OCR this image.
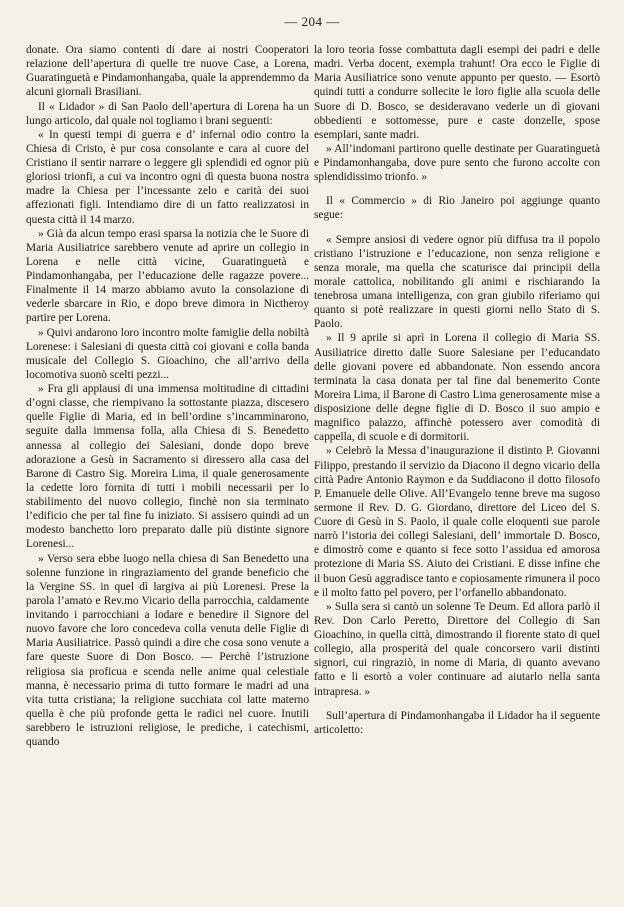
— 204 —

donate. Ora siamo contenti di dare ai nostri Cooperatori relazione dell’apertura di quelle tre nuove Case, a Lorena, Guaratinguetà e Pindamonhangaba, quale la apprendemmo da alcuni giornali Brasiliani.

Il « Lidador » di San Paolo dell’apertura di Lorena ha un lungo articolo, dal quale noi togliamo i brani seguenti:

« In questi tempi di guerra e d’ infernal odio contro la Chiesa di Cristo, è pur cosa consolante e cara al cuore del Cristiano il sentir narrare o leggere gli splendidi ed ognor più gloriosi trionfi, a cui va incontro ogni dì questa buona nostra madre la Chiesa per l’incessante zelo e carità dei suoi affezionati figli. Intendiamo dire di un fatto realizzatosi in questa città il 14 marzo.

» Già da alcun tempo erasi sparsa la notizia che le Suore di Maria Ausiliatrice sarebbero venute ad aprire un collegio in Lorena e nelle città vicine, Guaratinguetà e Pindamonhangaba, per l’educazione delle ragazze povere... Finalmente il 14 marzo abbiamo avuto la consolazione di vederle sbarcare in Rio, e dopo breve dimora in Nictheroy partire per Lorena.

» Quivi andarono loro incontro molte famiglie della nobiltà Lorenese: i Salesiani di questa città coi giovani e colla banda musicale del Collegio S. Gioachino, che all’arrivo della locomotiva suonò scelti pezzi...

» Fra gli applausi di una immensa moltitudine di cittadini d’ogni classe, che riempivano la sottostante piazza, discesero quelle Figlie di Maria, ed in bell’ordine s’incamminarono, seguite dalla immensa folla, alla Chiesa di S. Benedetto annessa al collegio dei Salesiani, donde dopo breve adorazione a Gesù in Sacramento si diressero alla casa del Barone di Castro Sig. Moreira Lima, il quale generosamente la cedette loro fornita di tutti i mobili necessarii per lo stabilimento del nuovo collegio, finchè non sia terminato l’edificio che per tal fine fu iniziato. Si assisero quindi ad un modesto banchetto loro preparato dalle più distinte signore Lorenesi...

» Verso sera ebbe luogo nella chiesa di San Benedetto una solenne funzione in ringraziamento del grande beneficio che la Vergine SS. in quel dì largiva ai più Lorenesi. Prese la parola l’amato e Rev.mo Vicario della parrocchia, caldamente invitando i parrocchiani a lodare e benedire il Signore del nuovo favore che loro concedeva colla venuta delle Figlie di Maria Ausiliatrice. Passò quindi a dire che cosa sono venute a fare queste Suore di Don Bosco. — Perchè l’istruzione religiosa sia proficua e scenda nelle anime qual celestiale manna, è necessario prima di tutto formare le madri ad una vita tutta cristiana; la religione succhiata col latte materno quella è che più profonde getta le radici nel cuore. Inutili sarebbero le istruzioni religiose, le prediche, i catechismi, quando

la loro teoria fosse combattuta dagli esempi dei padri e delle madri. Verba docent, exempla trahunt! Ora ecco le Figlie di Maria Ausiliatrice sono venute appunto per questo. — Esortò quindi tutti a condurre sollecite le loro figlie alla scuola delle Suore di D. Bosco, se desideravano vederle un dì giovani obbedienti e sottomesse, pure e caste donzelle, spose esemplari, sante madri.

» All’indomani partirono quelle destinate per Guaratinguetà e Pindamonhangaba, dove pure sento che furono accolte con splendidissimo trionfo. »

Il « Commercio » di Rio Janeiro poi aggiunge quanto segue:

« Sempre ansiosi di vedere ognor più diffusa tra il popolo cristiano l’istruzione e l’educazione, non senza religione e senza morale, ma quella che scaturisce dai principii della morale cattolica, nobilitando gli animi e rischiarando la tenebrosa umana intelligenza, con gran giubilo riferiamo qui quanto si potè realizzare in questi giorni nello Stato di S. Paolo.

» Il 9 aprile si aprì in Lorena il collegio di Maria SS. Ausiliatrice diretto dalle Suore Salesiane per l’educandato delle giovani povere ed abbandonate. Non essendo ancora terminata la casa donata per tal fine dal benemerito Conte Moreira Lima, il Barone di Castro Lima generosamente mise a disposizione delle degne figlie di D. Bosco il suo ampio e magnifico palazzo, affinchè potessero aver comodità di cappella, di scuole e di dormitorii.

» Celebrò la Messa d’inaugurazione il distinto P. Giovanni Filippo, prestando il servizio da Diacono il degno vicario della città Padre Antonio Raymon e da Suddiacono il dotto filosofo P. Emanuele delle Olive. All’Evangelo tenne breve ma sugoso sermone il Rev. D. G. Giordano, direttore del Liceo del S. Cuore di Gesù in S. Paolo, il quale colle eloquenti sue parole narrò l’istoria dei collegi Salesiani, dell’ immortale D. Bosco, e dimostrò come e quanto si fece sotto l’assidua ed amorosa protezione di Maria SS. Aiuto dei Cristiani. E disse infine che il buon Gesù aggradisce tanto e copiosamente rimunera il poco e il molto fatto pel povero, per l’orfanello abbandonato.

» Sulla sera si cantò un solenne Te Deum. Ed allora parlò il Rev. Don Carlo Peretto, Direttore del Collegio di San Gioachino, in quella città, dimostrando il fiorente stato di quel collegio, alla prosperità del quale concorsero varii distinti signori, cui ringraziò, in nome di Maria, di quanto avevano fatto e li esortò a voler continuare ad aiutarlo nella santa intrapresa. »

Sull’apertura di Pindamonhangaba il Lidador ha il seguente articoletto:
